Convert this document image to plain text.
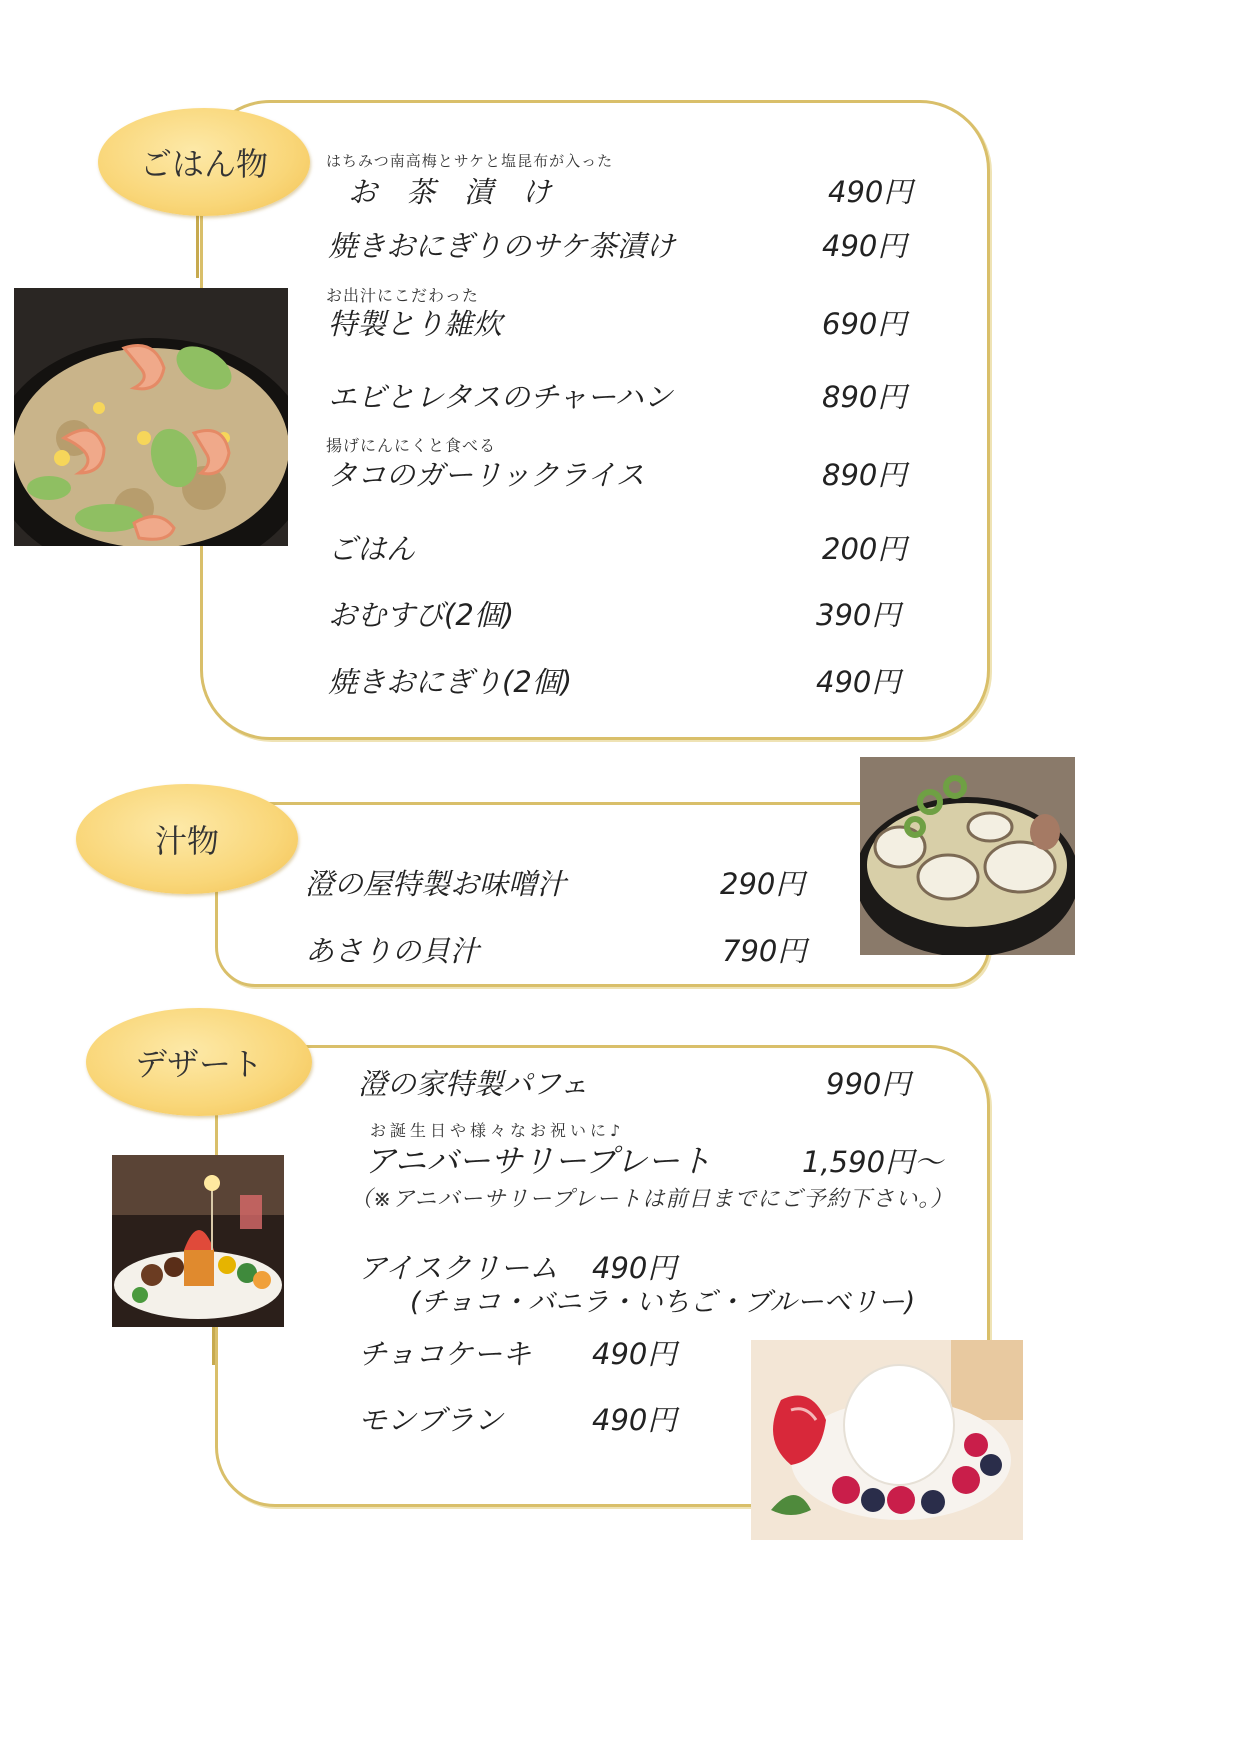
ごはん物	はちみつ南高梅とサケと塩昆布が入った
お　茶　漬　け	490円
焼きおにぎりのサケ茶漬け	490円
お出汁にこだわった
特製とり雑炊	690円
エビとレタスのチャーハン	890円
揚げにんにくと食べる
タコのガーリックライス	890円
ごはん	200円
おむすび(2個)	390円
焼きおにぎり(2個)	490円
汁物
澄の屋特製お味噌汁	290円
あさりの貝汁	790円
デザート
澄の家特製パフェ	990円
お誕生日や様々なお祝いに♪
アニバーサリープレート	1,590円～
（※アニバーサリープレートは前日までにご予約下さい。）
アイスクリーム 490円
(チョコ・バニラ・いちご・ブルーベリー)
チョコケーキ 490円
モンブラン	490円
